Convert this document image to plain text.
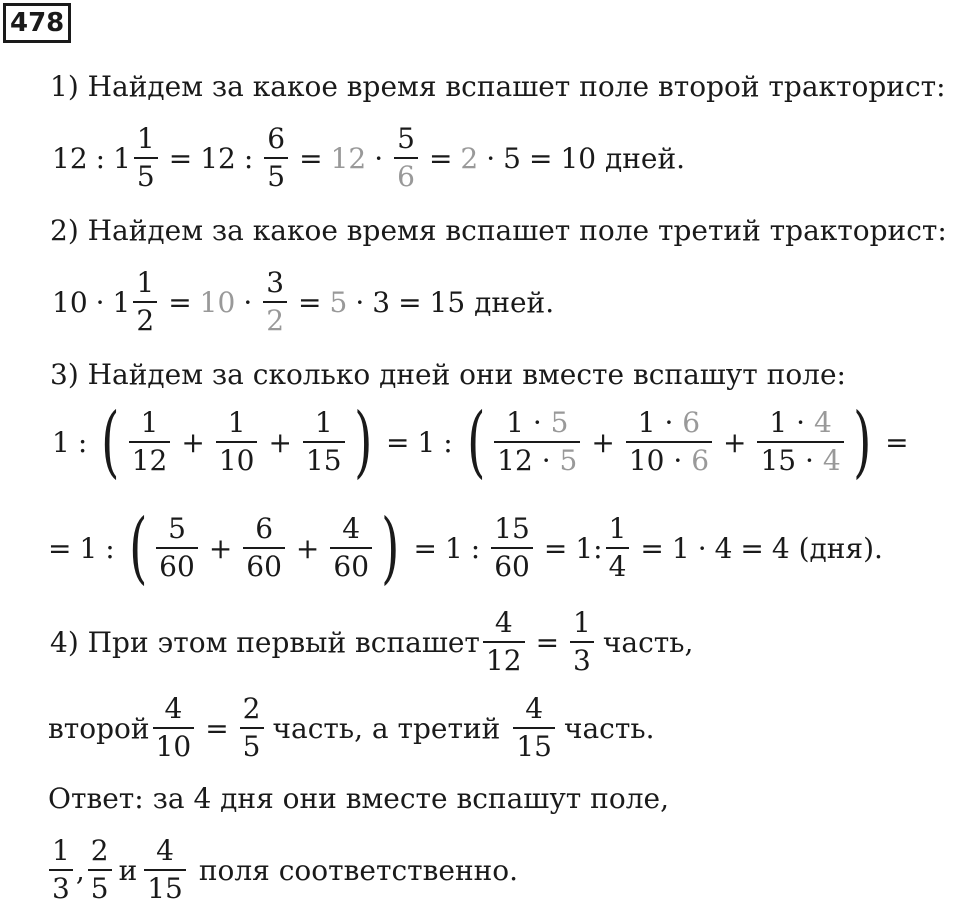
478
1) Найдем за какое время вспашет поле второй тракторист:
12 : $1 \frac{1}{5} = 12$ : $\frac{6}{5} = 12 \cdot \frac{5}{6} = 2 \cdot 5 = 10$ дней.
2) Найдем за какое время вспашет поле третий тракторист:
$10 \cdot 1 \frac{1}{2} = 10 \cdot \frac{3}{2} = 5 \cdot 3 = 15$ дней.
3) Найдем за сколько дней они вместе вспашут поле:
1 : ( $\frac{1}{12} + \frac{1}{10} + \frac{1}{15}$ ) = 1 : ( $\frac{1 \cdot 5}{12 \cdot 5} + \frac{1 \cdot 6}{10 \cdot 6} + \frac{1 \cdot 4}{15 \cdot 4}$ ) =
= 1 : ( $\frac{5}{60} + \frac{6}{60} + \frac{4}{60}$ ) = 1 : $\frac{15}{60} = 1$: $\frac{1}{4} = 1 \cdot 4 = 4$ (дня).
4) При этом первый вспашет $\frac{4}{12} = \frac{1}{3}$ часть,
второй $\frac{4}{10} = \frac{2}{5}$ часть, а третий $\frac{4}{15}$ часть.
Ответ: за 4 дня они вместе вспашут поле,
$\frac{1}{3}$ , $\frac{2}{5}$ и $\frac{4}{15}$ поля соответственно.
